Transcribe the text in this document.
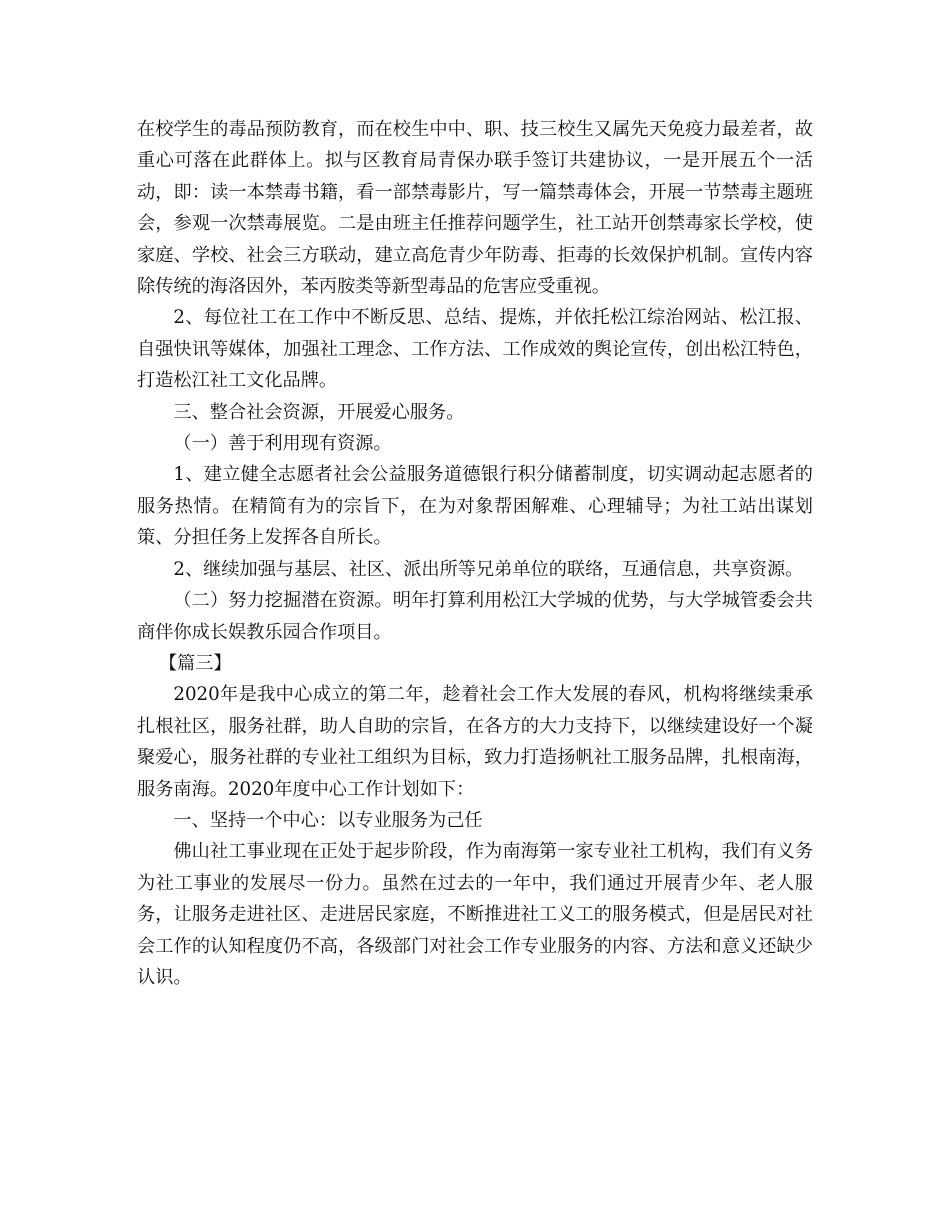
在校学生的毒品预防教育，而在校生中中、职、技三校生又属先天免疫力最差者，故重心可落在此群体上。拟与区教育局青保办联手签订共建协议，一是开展五个一活动，即：读一本禁毒书籍，看一部禁毒影片，写一篇禁毒体会，开展一节禁毒主题班会，参观一次禁毒展览。二是由班主任推荐问题学生，社工站开创禁毒家长学校，使家庭、学校、社会三方联动，建立高危青少年防毒、拒毒的长效保护机制。宣传内容除传统的海洛因外，苯丙胺类等新型毒品的危害应受重视。

2、每位社工在工作中不断反思、总结、提炼，并依托松江综治网站、松江报、自强快讯等媒体，加强社工理念、工作方法、工作成效的舆论宣传，创出松江特色，打造松江社工文化品牌。

三、整合社会资源，开展爱心服务。

（一）善于利用现有资源。

1、建立健全志愿者社会公益服务道德银行积分储蓄制度，切实调动起志愿者的服务热情。在精简有为的宗旨下，在为对象帮困解难、心理辅导；为社工站出谋划策、分担任务上发挥各自所长。

2、继续加强与基层、社区、派出所等兄弟单位的联络，互通信息，共享资源。

（二）努力挖掘潜在资源。明年打算利用松江大学城的优势，与大学城管委会共商伴你成长娱教乐园合作项目。

【篇三】

2020年是我中心成立的第二年，趁着社会工作大发展的春风，机构将继续秉承扎根社区，服务社群，助人自助的宗旨，在各方的大力支持下，以继续建设好一个凝聚爱心，服务社群的专业社工组织为目标，致力打造扬帆社工服务品牌，扎根南海，服务南海。2020年度中心工作计划如下：

一、坚持一个中心：以专业服务为己任

佛山社工事业现在正处于起步阶段，作为南海第一家专业社工机构，我们有义务为社工事业的发展尽一份力。虽然在过去的一年中，我们通过开展青少年、老人服务，让服务走进社区、走进居民家庭，不断推进社工义工的服务模式，但是居民对社会工作的认知程度仍不高，各级部门对社会工作专业服务的内容、方法和意义还缺少认识。
